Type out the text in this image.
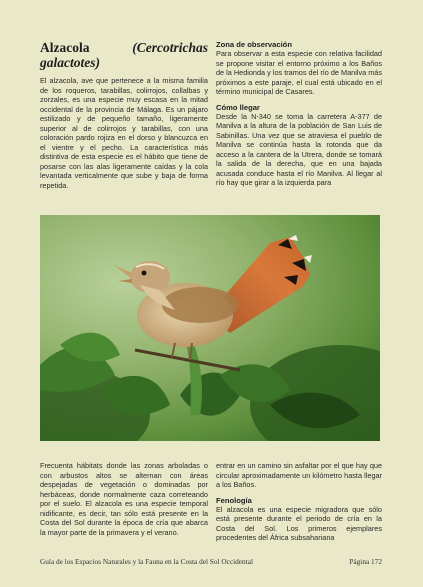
Alzacola	(Cercotrichas galactotes)

El alzacola, ave que pertenece a la misma familia de los roqueros, tarabillas, colirrojos, collalbas y zorzales, es una especie muy escasa en la mitad occidental de la provincia de Málaga. Es un pájaro estilizado y de pequeño tamaño, ligeramente superior al de colirrojos y tarabillas, con una coloración pardo rojiza en el dorso y blancuzca en el vientre y el pecho. La característica más distintiva de esta especie es el hábito que tiene de posarse con las alas ligeramente caídas y la cola levantada verticalmente que sube y baja de forma repetida.

Zona de observación

Para observar a esta especie con relativa facilidad se propone visitar el entorno próximo a los Baños de la Hedionda y los tramos del río de Manilva más próximos a este paraje, el cual está ubicado en el término municipal de Casares.

Cómo llegar

Desde la N-340 se toma la carretera A-377 de Manilva a la altura de la población de San Luis de Sabinillas. Una vez que se atraviesa el pueblo de Manilva se continúa hasta la rotonda que da acceso a la cantera de la Utrera, donde se tomará la salida de la derecha, que en una bajada acusada conduce hasta el río Manilva. Al llegar al río hay que girar a la izquierda para

Frecuenta hábitats donde las zonas arboladas o con arbustos altos se alternan con áreas despejadas de vegetación o dominadas por herbáceas, donde normalmente caza correteando por el suelo. El alzacola es una especie temporal nidificante, es decir, tan sólo está presente en la Costa del Sol durante la época de cría que abarca la mayor parte de la primavera y el verano.

entrar en un camino sin asfaltar por el que hay que circular aproximadamente un kilómetro hasta llegar a los Baños.

Fenología

El alzacola es una especie migradora que sólo está presente durante el periodo de cría en la Costa del Sol. Los primeros ejemplares procedentes del África subsahariana

Guía de los Espacios Naturales y la Fauna en la Costa del Sol Occidental	Página 172
